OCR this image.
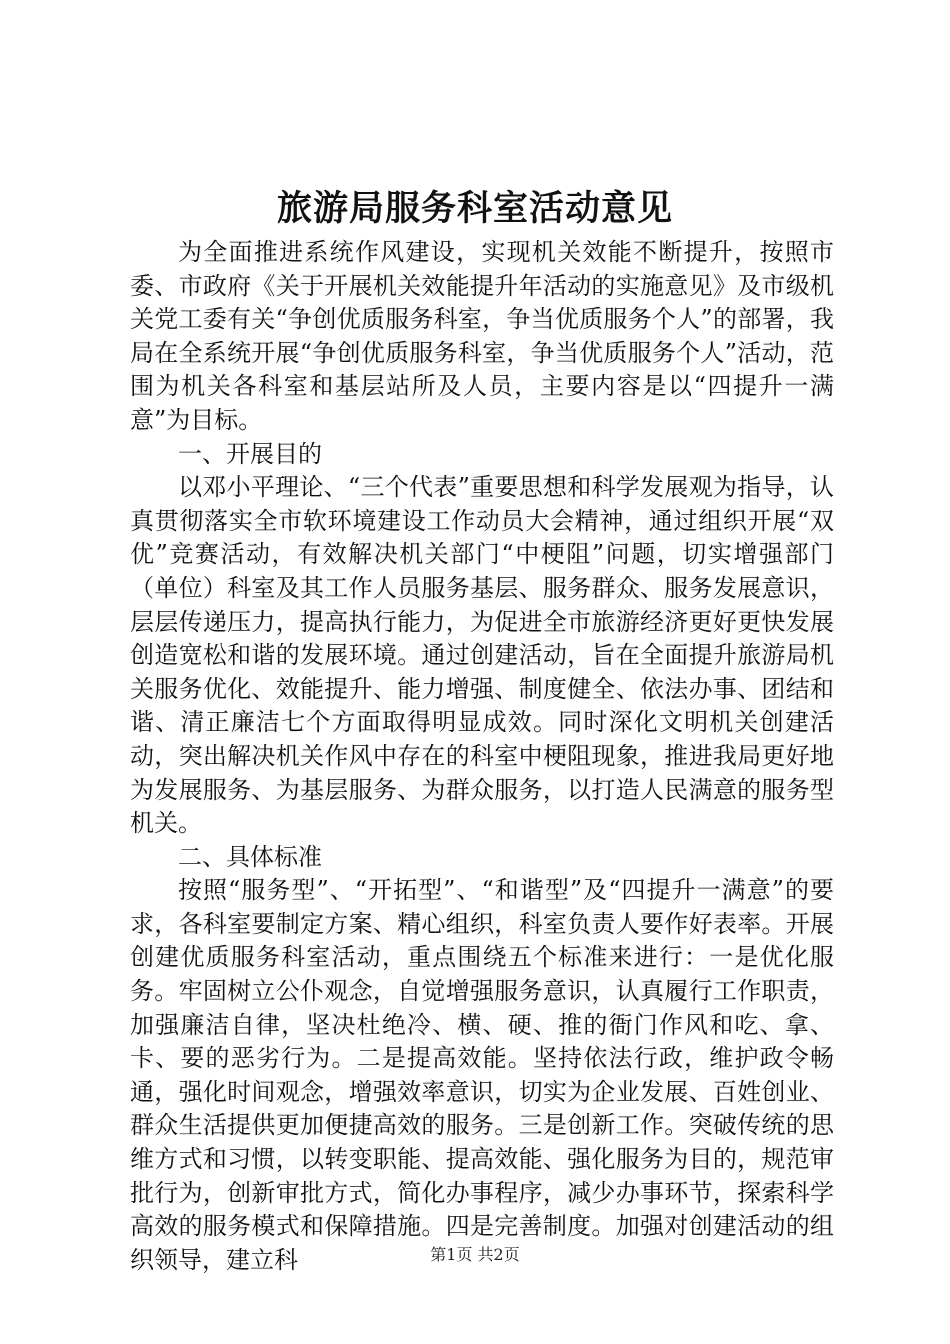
旅游局服务科室活动意见

为全面推进系统作风建设，实现机关效能不断提升，按照市委、市政府《关于开展机关效能提升年活动的实施意见》及市级机关党工委有关“争创优质服务科室，争当优质服务个人”的部署，我局在全系统开展“争创优质服务科室，争当优质服务个人”活动，范围为机关各科室和基层站所及人员，主要内容是以“四提升一满意”为目标。

一、开展目的

以邓小平理论、“三个代表”重要思想和科学发展观为指导，认真贯彻落实全市软环境建设工作动员大会精神，通过组织开展“双优”竞赛活动，有效解决机关部门“中梗阻”问题，切实增强部门（单位）科室及其工作人员服务基层、服务群众、服务发展意识，层层传递压力，提高执行能力，为促进全市旅游经济更好更快发展创造宽松和谐的发展环境。通过创建活动，旨在全面提升旅游局机关服务优化、效能提升、能力增强、制度健全、依法办事、团结和谐、清正廉洁七个方面取得明显成效。同时深化文明机关创建活动，突出解决机关作风中存在的科室中梗阻现象，推进我局更好地为发展服务、为基层服务、为群众服务，以打造人民满意的服务型机关。

二、具体标准

按照“服务型”、“开拓型”、“和谐型”及“四提升一满意”的要求，各科室要制定方案、精心组织，科室负责人要作好表率。开展创建优质服务科室活动，重点围绕五个标准来进行：一是优化服务。牢固树立公仆观念，自觉增强服务意识，认真履行工作职责，加强廉洁自律，坚决杜绝冷、横、硬、推的衙门作风和吃、拿、卡、要的恶劣行为。二是提高效能。坚持依法行政，维护政令畅通，强化时间观念，增强效率意识，切实为企业发展、百姓创业、群众生活提供更加便捷高效的服务。三是创新工作。突破传统的思维方式和习惯，以转变职能、提高效能、强化服务为目的，规范审批行为，创新审批方式，简化办事程序，减少办事环节，探索科学高效的服务模式和保障措施。四是完善制度。加强对创建活动的组织领导，建立科	第1页 共2页
